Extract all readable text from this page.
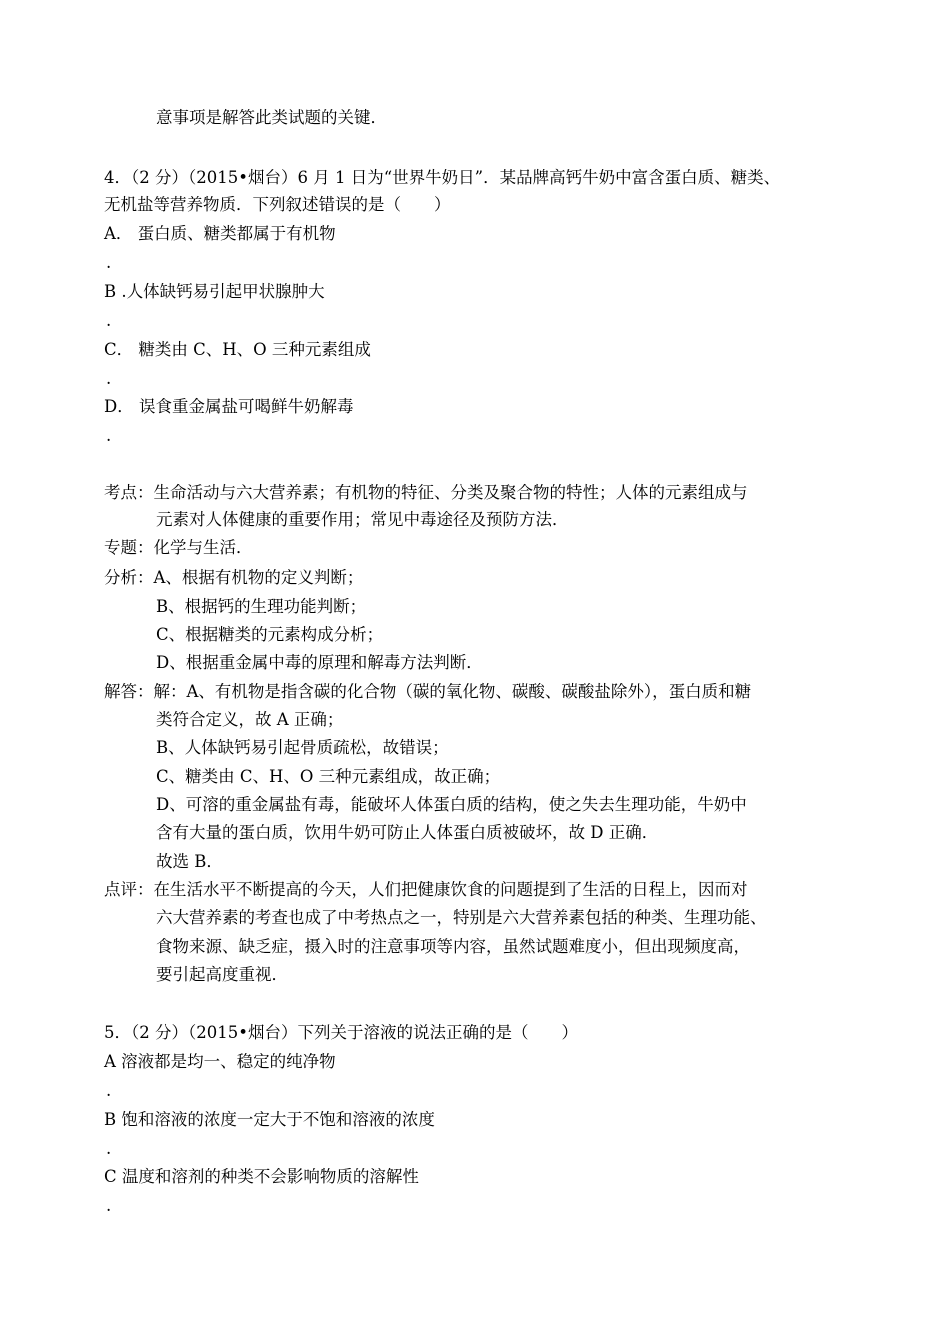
意事项是解答此类试题的关键．
4．（2 分）（2015•烟台）6 月 1 日为“世界牛奶日”．某品牌高钙牛奶中富含蛋白质、糖类、
无机盐等营养物质．下列叙述错误的是（　　）
A． 蛋白质、糖类都属于有机物
.
B .人体缺钙易引起甲状腺肿大
.
C． 糖类由 C、H、O 三种元素组成
.
D． 误食重金属盐可喝鲜牛奶解毒
.
考点：生命活动与六大营养素；有机物的特征、分类及聚合物的特性；人体的元素组成与
元素对人体健康的重要作用；常见中毒途径及预防方法．
专题：化学与生活．
分析：A、根据有机物的定义判断；
B、根据钙的生理功能判断；
C、根据糖类的元素构成分析；
D、根据重金属中毒的原理和解毒方法判断．
解答：解：A、有机物是指含碳的化合物（碳的氧化物、碳酸、碳酸盐除外），蛋白质和糖
类符合定义，故 A 正确；
B、人体缺钙易引起骨质疏松，故错误；
C、糖类由 C、H、O 三种元素组成，故正确；
D、可溶的重金属盐有毒，能破坏人体蛋白质的结构，使之失去生理功能，牛奶中
含有大量的蛋白质，饮用牛奶可防止人体蛋白质被破坏，故 D 正确．
故选 B．
点评：在生活水平不断提高的今天，人们把健康饮食的问题提到了生活的日程上，因而对
六大营养素的考查也成了中考热点之一，特别是六大营养素包括的种类、生理功能、
食物来源、缺乏症，摄入时的注意事项等内容，虽然试题难度小，但出现频度高，
要引起高度重视．
5．（2 分）（2015•烟台）下列关于溶液的说法正确的是（　　）
A 溶液都是均一、稳定的纯净物
.
B 饱和溶液的浓度一定大于不饱和溶液的浓度
.
C 温度和溶剂的种类不会影响物质的溶解性
.
